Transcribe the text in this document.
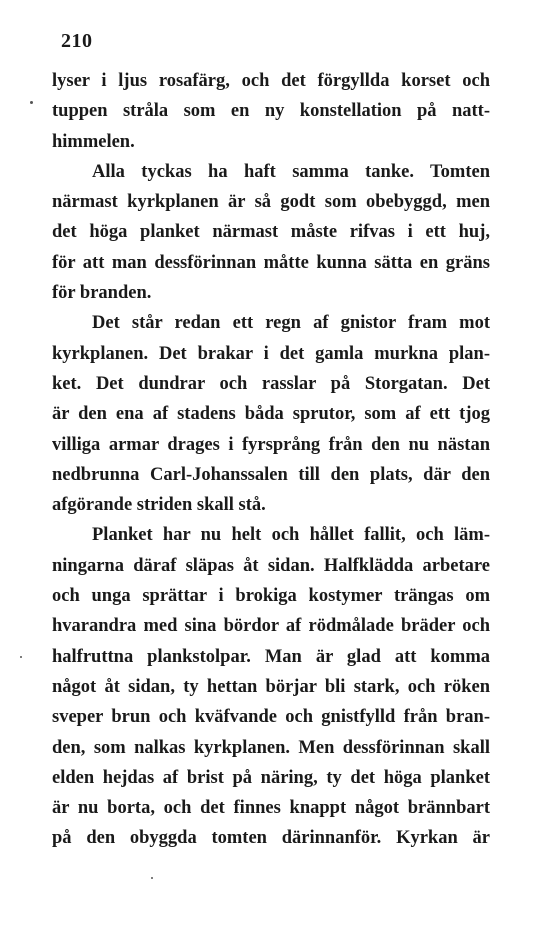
210
lyser i ljus rosafärg, och det förgyllda korset och
tuppen stråla som en ny konstellation på natt-
himmelen.
Alla tyckas ha haft samma tanke. Tomten
närmast kyrkplanen är så godt som obebyggd, men
det höga planket närmast måste rifvas i ett huj,
för att man dessförinnan måtte kunna sätta en gräns
för branden.
Det står redan ett regn af gnistor fram mot
kyrkplanen. Det brakar i det gamla murkna plan-
ket. Det dundrar och rasslar på Storgatan. Det
är den ena af stadens båda sprutor, som af ett tjog
villiga armar drages i fyrsprång från den nu nästan
nedbrunna Carl-Johanssalen till den plats, där den
afgörande striden skall stå.
Planket har nu helt och hållet fallit, och läm-
ningarna däraf släpas åt sidan. Halfklädda arbetare
och unga sprättar i brokiga kostymer trängas om
hvarandra med sina bördor af rödmålade bräder och
halfruttna plankstolpar. Man är glad att komma
något åt sidan, ty hettan börjar bli stark, och röken
sveper brun och kväfvande och gnistfylld från bran-
den, som nalkas kyrkplanen. Men dessförinnan skall
elden hejdas af brist på näring, ty det höga planket
är nu borta, och det finnes knappt något brännbart
på den obyggda tomten därinnanför. Kyrkan är
